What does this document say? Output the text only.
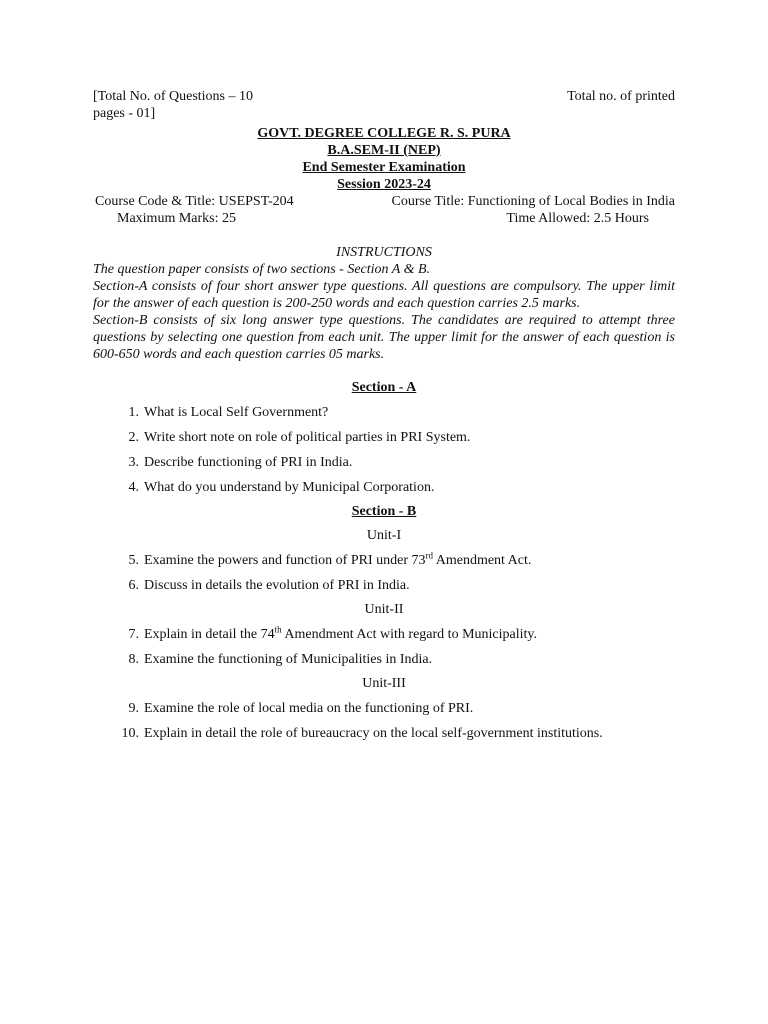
[Total No. of Questions – 10	Total no. of printed
pages - 01]
GOVT. DEGREE COLLEGE R. S. PURA
B.A.SEM-II (NEP)
End Semester Examination
Session 2023-24
Course Code & Title: USEPST-204	Course Title: Functioning of Local Bodies in India
Maximum Marks: 25	Time Allowed: 2.5 Hours
INSTRUCTIONS
The question paper consists of two sections - Section A & B.
Section-A consists of four short answer type questions. All questions are compulsory. The upper limit for the answer of each question is 200-250 words and each question carries 2.5 marks.
Section-B consists of six long answer type questions. The candidates are required to attempt three questions by selecting one question from each unit. The upper limit for the answer of each question is 600-650 words and each question carries 05 marks.
Section - A
1. What is Local Self Government?
2. Write short note on role of political parties in PRI System.
3. Describe functioning of PRI in India.
4. What do you understand by Municipal Corporation.
Section - B
Unit-I
5. Examine the powers and function of PRI under 73rd Amendment Act.
6. Discuss in details the evolution of PRI in India.
Unit-II
7. Explain in detail the 74th Amendment Act with regard to Municipality.
8. Examine the functioning of Municipalities in India.
Unit-III
9. Examine the role of local media on the functioning of PRI.
10. Explain in detail the role of bureaucracy on the local self-government institutions.
